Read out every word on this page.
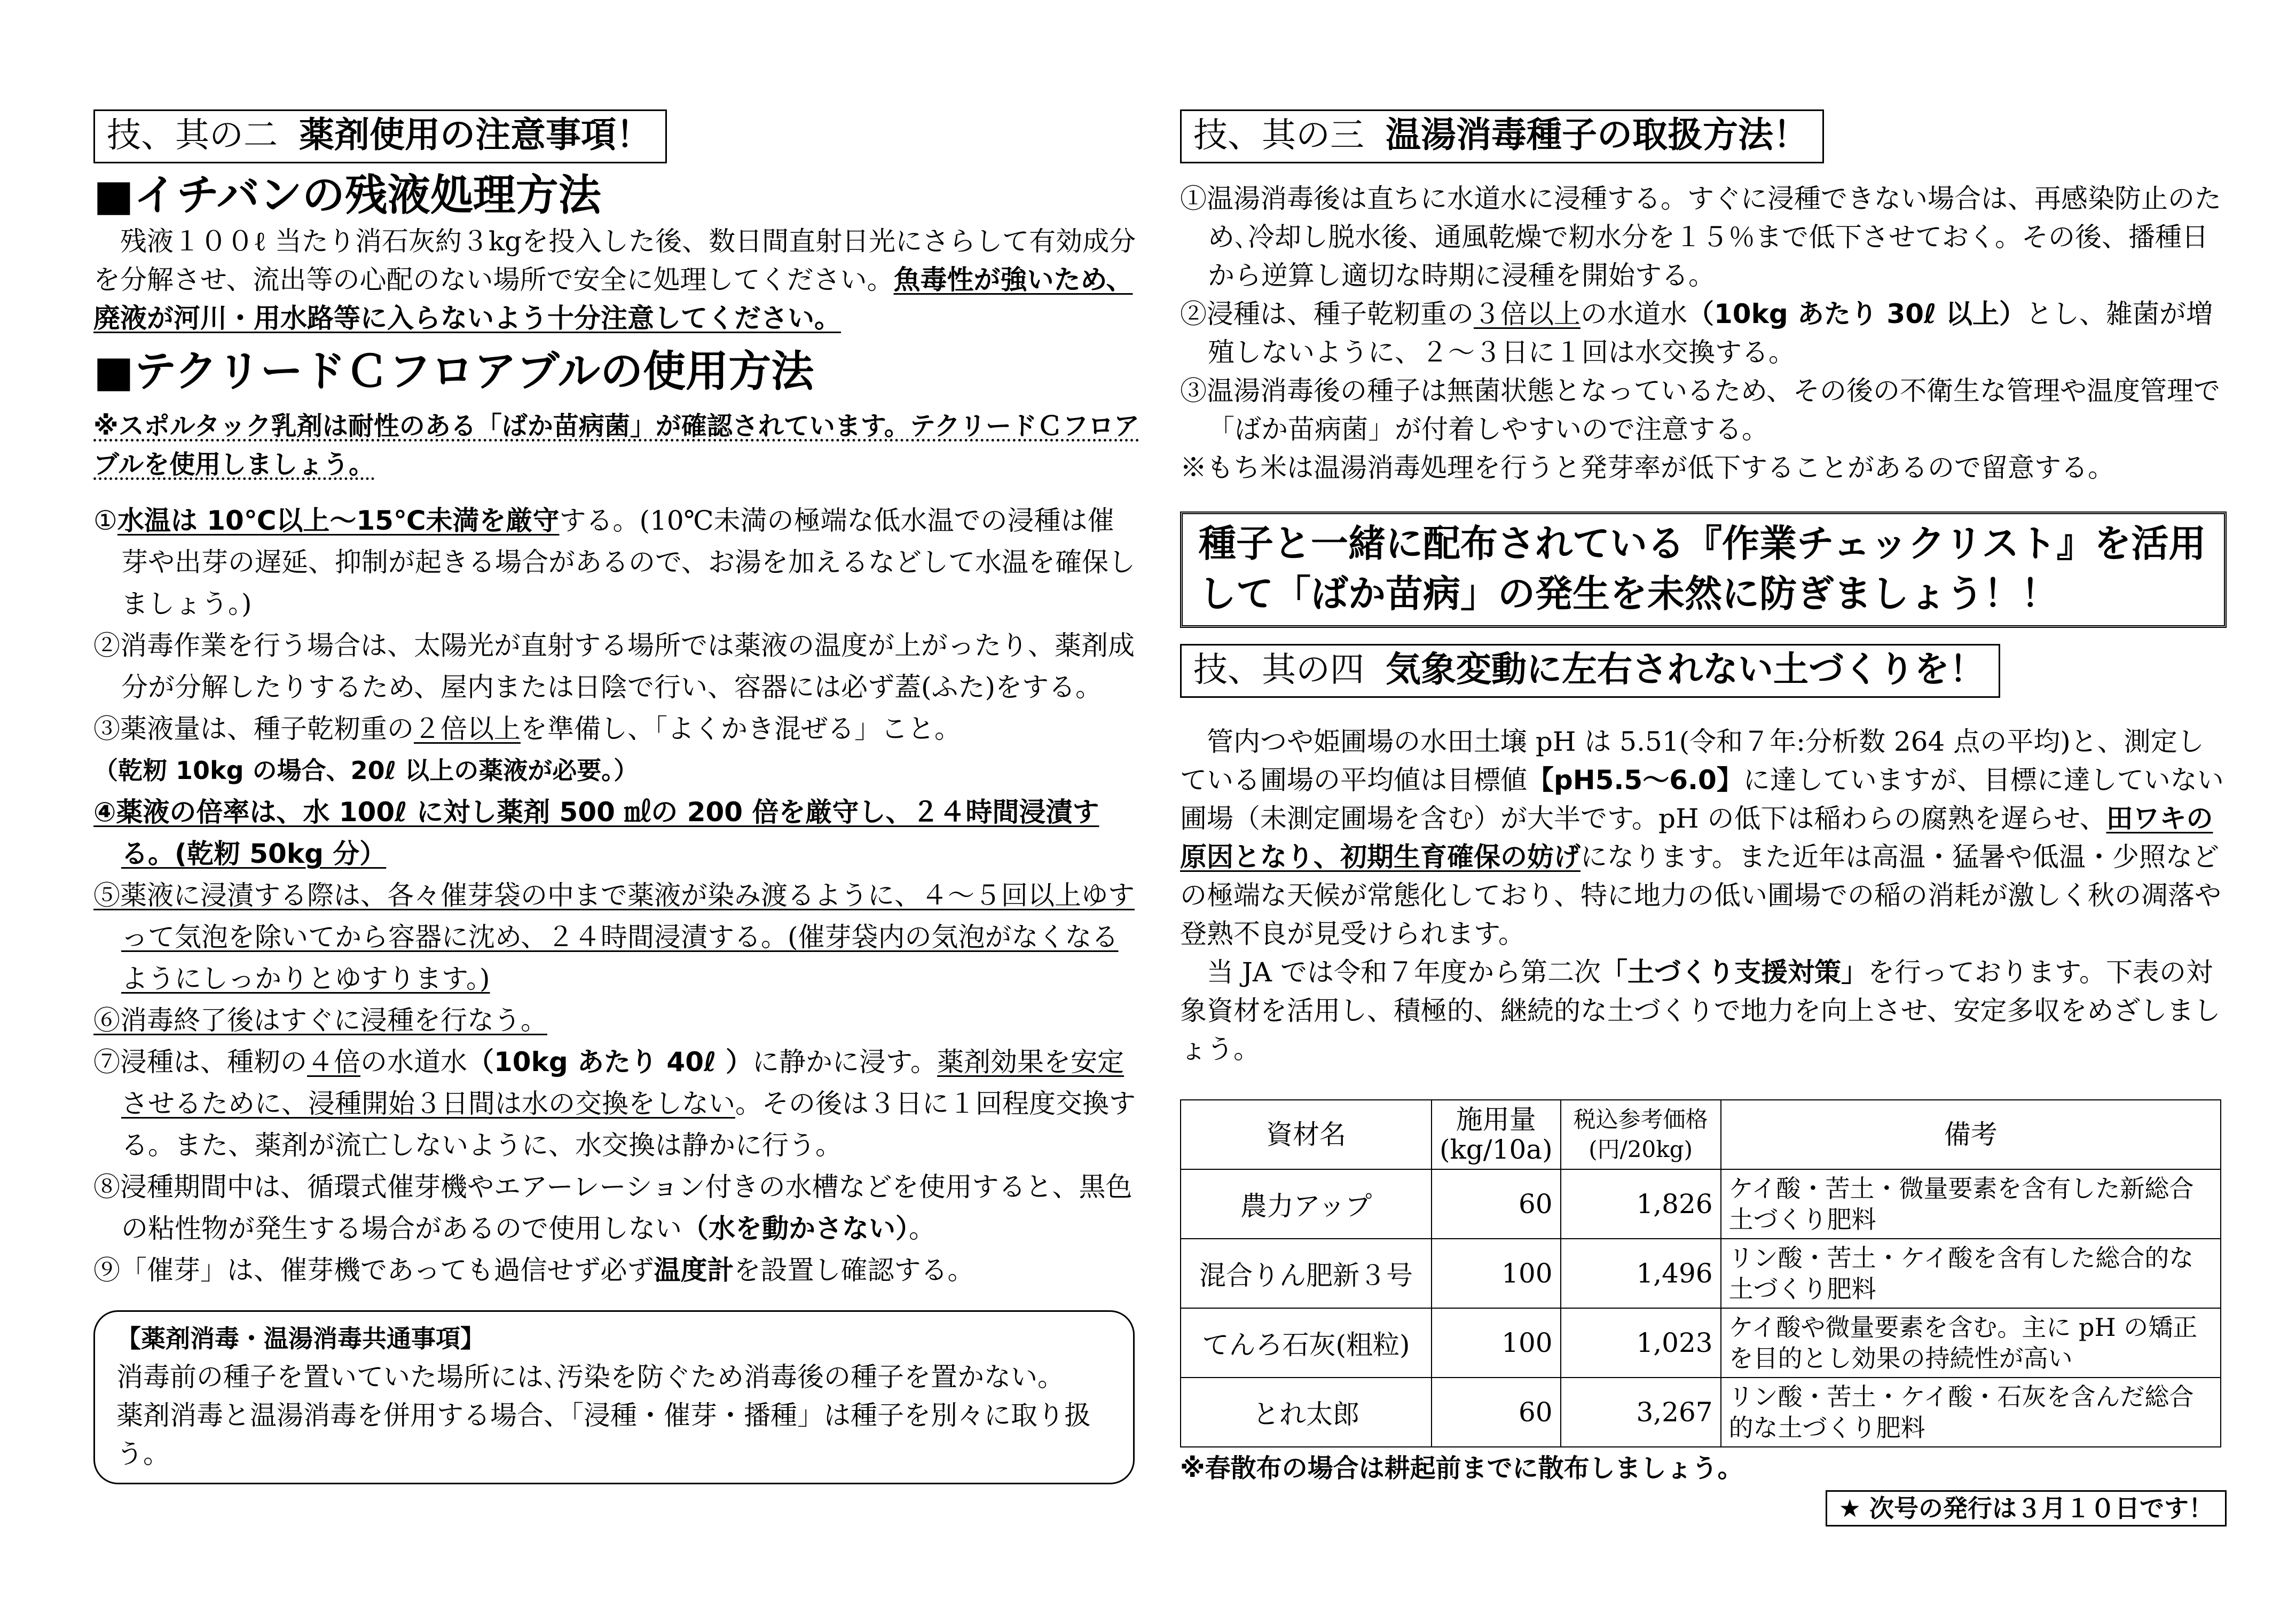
技、其の二 薬剤使用の注意事項！
■イチバンの残液処理方法

残液１００ℓ 当たり消石灰約３kgを投入した後、数日間直射日光にさらして有効成分を分解させ、流出等の心配のない場所で安全に処理してください。魚毒性が強いため、廃液が河川・用水路等に入らないよう十分注意してください。

■テクリードＣフロアブルの使用方法

※スポルタック乳剤は耐性のある「ばか苗病菌」が確認されています。テクリードＣフロアブルを使用しましょう。

①水温は 10℃以上～15℃未満を厳守する。(10℃未満の極端な低水温での浸種は催芽や出芽の遅延、抑制が起きる場合があるので、お湯を加えるなどして水温を確保しましょう。)

②消毒作業を行う場合は、太陽光が直射する場所では薬液の温度が上がったり、薬剤成分が分解したりするため、屋内または日陰で行い、容器には必ず蓋(ふた)をする。

③薬液量は、種子乾籾重の２倍以上を準備し、「よくかき混ぜる」こと。

（乾籾 10kg の場合、20ℓ 以上の薬液が必要。）

④薬液の倍率は、水 100ℓ に対し薬剤 500 ㎖の 200 倍を厳守し、２４時間浸漬する。(乾籾 50kg 分）

⑤薬液に浸漬する際は、各々催芽袋の中まで薬液が染み渡るように、４～５回以上ゆすって気泡を除いてから容器に沈め、２４時間浸漬する。(催芽袋内の気泡がなくなるようにしっかりとゆすります。)

⑥消毒終了後はすぐに浸種を行なう。

⑦浸種は、種籾の４倍の水道水（10kg あたり 40ℓ ）に静かに浸す。薬剤効果を安定させるために、浸種開始３日間は水の交換をしない。その後は３日に１回程度交換する。また、薬剤が流亡しないように、水交換は静かに行う。

⑧浸種期間中は、循環式催芽機やエアーレーション付きの水槽などを使用すると、黒色の粘性物が発生する場合があるので使用しない（水を動かさない）。

⑨「催芽」は、催芽機であっても過信せず必ず温度計を設置し確認する。

【薬剤消毒・温湯消毒共通事項】
消毒前の種子を置いていた場所には､汚染を防ぐため消毒後の種子を置かない｡
薬剤消毒と温湯消毒を併用する場合、「浸種・催芽・播種」は種子を別々に取り扱う。
技、其の三 温湯消毒種子の取扱方法！

①温湯消毒後は直ちに水道水に浸種する。すぐに浸種できない場合は、再感染防止のため､冷却し脱水後、通風乾燥で籾水分を１５％まで低下させておく。その後、播種日から逆算し適切な時期に浸種を開始する。

②浸種は、種子乾籾重の３倍以上の水道水（10kg あたり 30ℓ 以上）とし、雑菌が増殖しないように、２～３日に１回は水交換する。

③温湯消毒後の種子は無菌状態となっているため、その後の不衛生な管理や温度管理で「ばか苗病菌」が付着しやすいので注意する。

※もち米は温湯消毒処理を行うと発芽率が低下することがあるので留意する。

種子と一緒に配布されている『作業チェックリスト』を活用して「ばか苗病」の発生を未然に防ぎましょう！！
技、其の四 気象変動に左右されない土づくりを！

管内つや姫圃場の水田土壌 pH は 5.51(令和７年:分析数 264 点の平均)と、測定している圃場の平均値は目標値【pH5.5～6.0】に達していますが、目標に達していない圃場（未測定圃場を含む）が大半です。pH の低下は稲わらの腐熟を遅らせ、田ワキの原因となり、初期生育確保の妨げになります。また近年は高温・猛暑や低温・少照などの極端な天候が常態化しており、特に地力の低い圃場での稲の消耗が激しく秋の凋落や登熟不良が見受けられます。

当 JA では令和７年度から第二次「土づくり支援対策」を行っております。下表の対象資材を活用し、積極的、継続的な土づくりで地力を向上させ、安定多収をめざしましょう。

資材名	施用量(kg/10a)	税込参考価格(円/20kg)	備考
農力アップ	60	1,826	ケイ酸・苦土・微量要素を含有した新総合土づくり肥料
混合りん肥新３号	100	1,496	リン酸・苦土・ケイ酸を含有した総合的な土づくり肥料
てんろ石灰(粗粒)	100	1,023	ケイ酸や微量要素を含む。主に pH の矯正を目的とし効果の持続性が高い
とれ太郎	60	3,267	リン酸・苦土・ケイ酸・石灰を含んだ総合的な土づくり肥料

※春散布の場合は耕起前までに散布しましょう。

★ 次号の発行は３月１０日です！
